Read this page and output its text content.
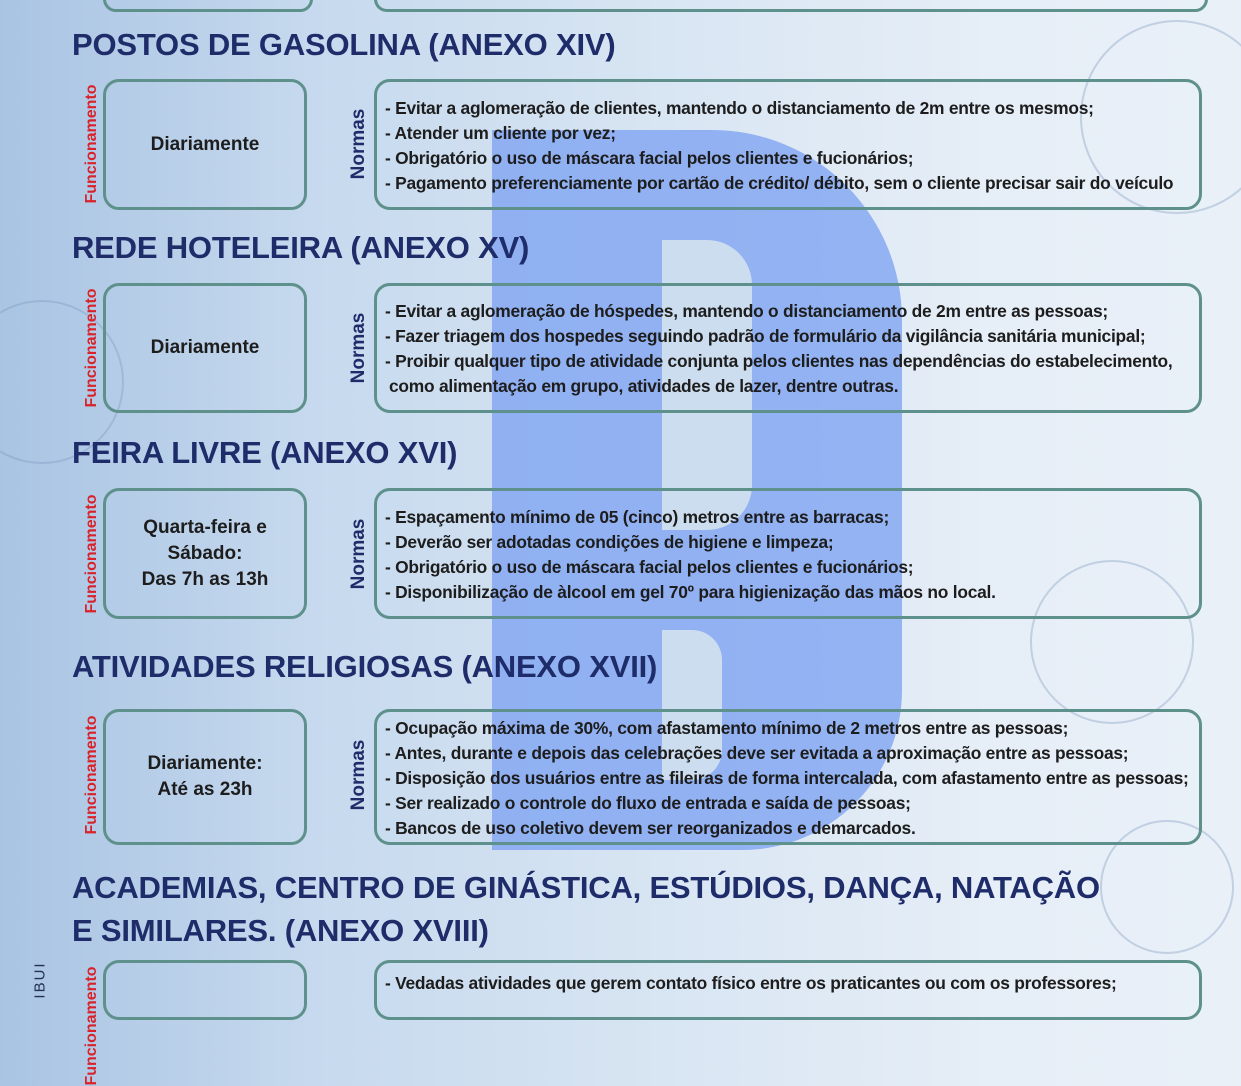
POSTOS DE GASOLINA (ANEXO XIV)
Funcionamento	Diariamente	Normas
- Evitar a aglomeração de clientes, mantendo o distanciamento de 2m entre os mesmos;
- Atender um cliente por vez;
- Obrigatório o uso de máscara facial pelos clientes e fucionários;
- Pagamento preferenciamente por cartão de crédito/ débito, sem o cliente precisar sair do veículo
REDE HOTELEIRA (ANEXO XV)
Funcionamento	Diariamente	Normas
- Evitar a aglomeração de hóspedes, mantendo o distanciamento de 2m entre as pessoas;
- Fazer triagem dos hospedes seguindo padrão de formulário da vigilância sanitária municipal;
- Proibir qualquer tipo de atividade conjunta pelos clientes nas dependências do estabelecimento,
como alimentação em grupo, atividades de lazer, dentre outras.
FEIRA LIVRE (ANEXO XVI)
Funcionamento	Quarta-feira e Sábado:
Das 7h as 13h	Normas
- Espaçamento mínimo de 05 (cinco) metros entre as barracas;
- Deverão ser adotadas condições de higiene e limpeza;
- Obrigatório o uso de máscara facial pelos clientes e fucionários;
- Disponibilização de àlcool em gel 70º para higienização das mãos no local.
ATIVIDADES RELIGIOSAS (ANEXO XVII)
Funcionamento Diariamente:
Até as 23h	Normas
- Ocupação máxima de 30%, com afastamento mínimo de 2 metros entre as pessoas;
- Antes, durante e depois das celebrações deve ser evitada a aproximação entre as pessoas;
- Disposição dos usuários entre as fileiras de forma intercalada, com afastamento entre as pessoas;
- Ser realizado o controle do fluxo de entrada e saída de pessoas;
- Bancos de uso coletivo devem ser reorganizados e demarcados.
ACADEMIAS, CENTRO DE GINÁSTICA, ESTÚDIOS, DANÇA, NATAÇÃO
E SIMILARES. (ANEXO XVIII)
Funcionamento	- Vedadas atividades que gerem contato físico entre os praticantes ou com os professores;
IBUI
